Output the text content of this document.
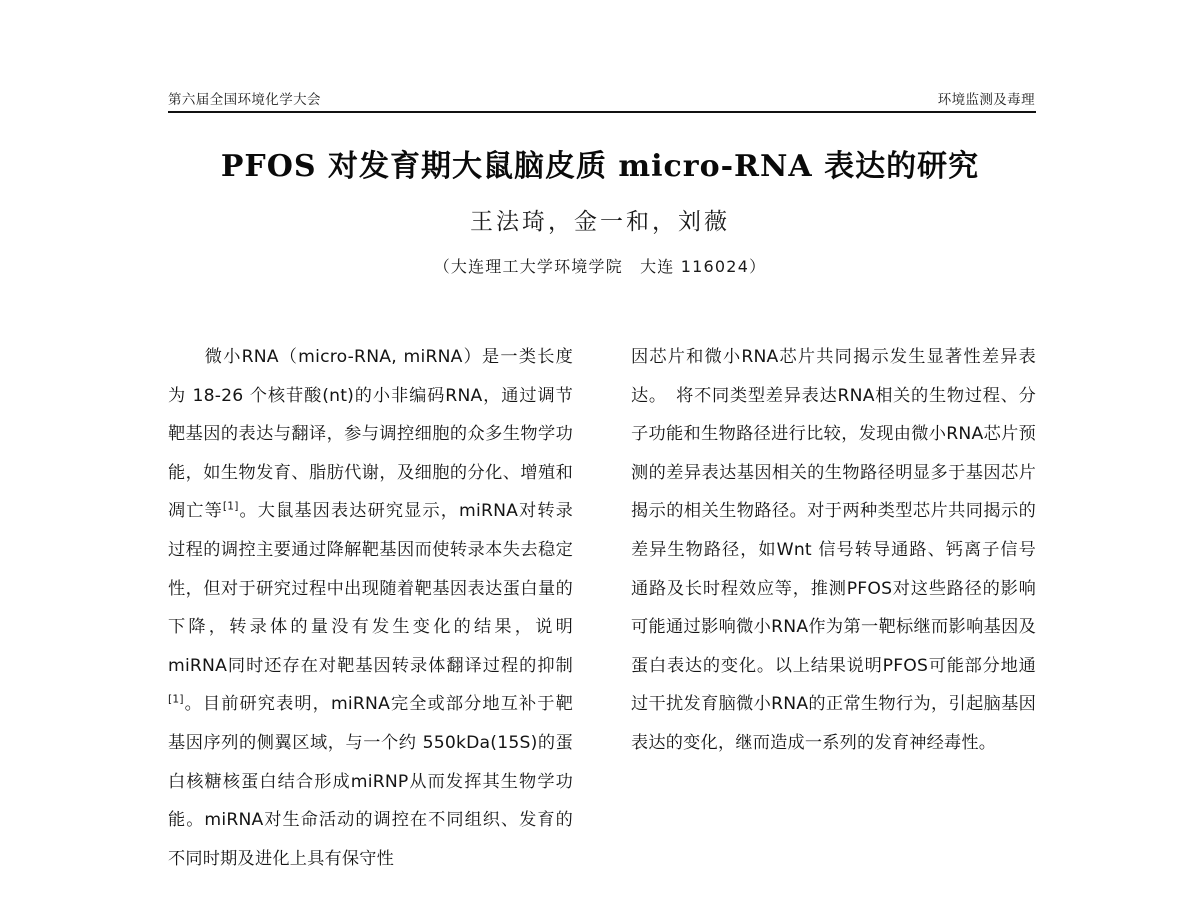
第六届全国环境化学大会	环境监测及毒理
PFOS 对发育期大鼠脑皮质 micro-RNA 表达的研究
王法琦，金一和，刘薇
（大连理工大学环境学院　大连 116024）

　　微小RNA（micro-RNA, miRNA）是一类长度为 18-26 个核苷酸(nt)的小非编码RNA，通过调节靶基因的表达与翻译，参与调控细胞的众多生物学功能，如生物发育、脂肪代谢，及细胞的分化、增殖和凋亡等[1]。大鼠基因表达研究显示，miRNA对转录过程的调控主要通过降解靶基因而使转录本失去稳定性，但对于研究过程中出现随着靶基因表达蛋白量的下降，转录体的量没有发生变化的结果，说明miRNA同时还存在对靶基因转录体翻译过程的抑制[1]。目前研究表明，miRNA完全或部分地互补于靶基因序列的侧翼区域，与一个约 550kDa(15S)的蛋白核糖核蛋白结合形成miRNP从而发挥其生物学功能。miRNA对生命活动的调控在不同组织、发育的不同时期及进化上具有保守性

因芯片和微小RNA芯片共同揭示发生显著性差异表达。　将不同类型差异表达RNA相关的生物过程、分子功能和生物路径进行比较，发现由微小RNA芯片预测的差异表达基因相关的生物路径明显多于基因芯片揭示的相关生物路径。对于两种类型芯片共同揭示的差异生物路径，如Wnt 信号转导通路、钙离子信号通路及长时程效应等，推测PFOS对这些路径的影响可能通过影响微小RNA作为第一靶标继而影响基因及蛋白表达的变化。以上结果说明PFOS可能部分地通过干扰发育脑微小RNA的正常生物行为，引起脑基因表达的变化，继而造成一系列的发育神经毒性。
